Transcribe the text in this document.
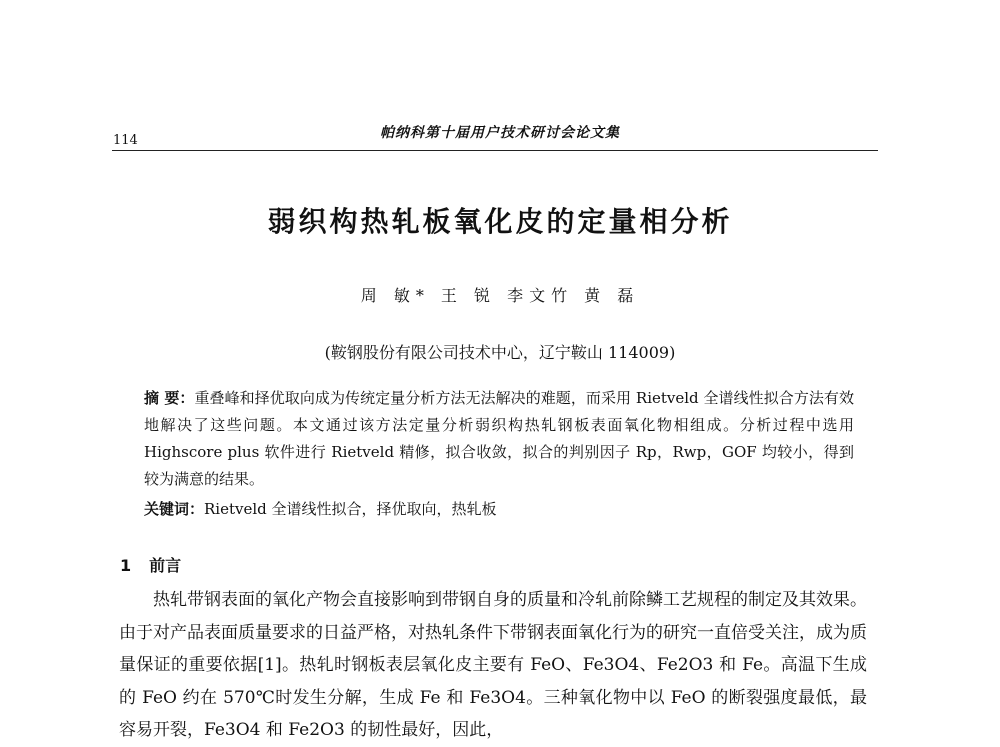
114	帕纳科第十届用户技术研讨会论文集
弱织构热轧板氧化皮的定量相分析
周 敏* 王 锐 李文竹 黄 磊
(鞍钢股份有限公司技术中心，辽宁鞍山 114009)
摘 要：重叠峰和择优取向成为传统定量分析方法无法解决的难题，而采用 Rietveld 全谱线性拟合方法有效地解决了这些问题。本文通过该方法定量分析弱织构热轧钢板表面氧化物相组成。分析过程中选用 Highscore plus 软件进行 Rietveld 精修，拟合收敛，拟合的判别因子 Rp，Rwp，GOF 均较小，得到较为满意的结果。
关键词：Rietveld 全谱线性拟合，择优取向，热轧板
1 前言
热轧带钢表面的氧化产物会直接影响到带钢自身的质量和冷轧前除鳞工艺规程的制定及其效果。由于对产品表面质量要求的日益严格，对热轧条件下带钢表面氧化行为的研究一直倍受关注，成为质量保证的重要依据[1]。热轧时钢板表层氧化皮主要有 FeO、Fe3O4、Fe2O3 和 Fe。高温下生成的 FeO 约在 570℃时发生分解，生成 Fe 和 Fe3O4。三种氧化物中以 FeO 的断裂强度最低，最容易开裂，Fe3O4 和 Fe2O3 的韧性最好，因此，
